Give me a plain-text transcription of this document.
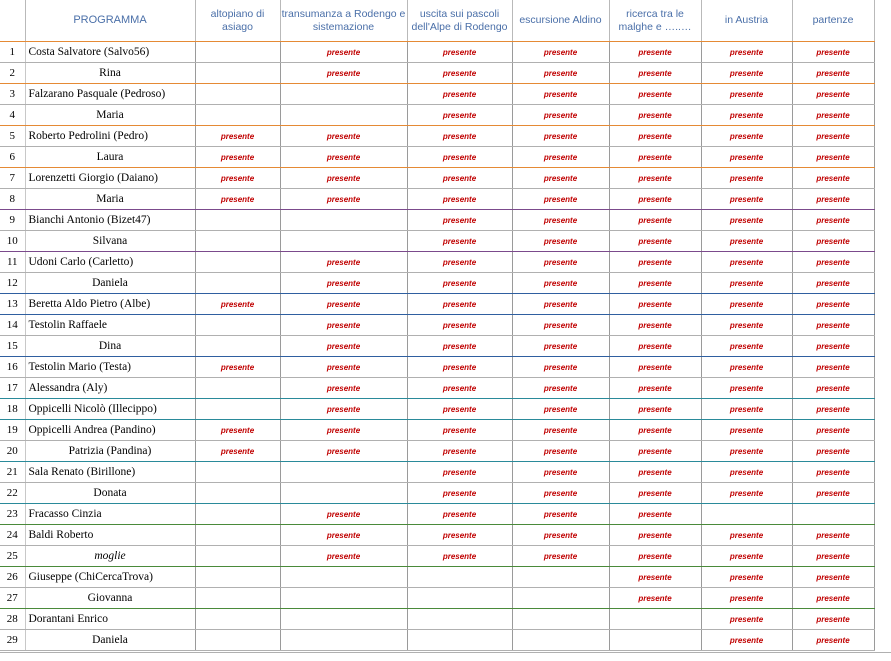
	PROGRAMMA	altopiano di asiago	transumanza a Rodengo e sistemazione	uscita sui pascoli dell'Alpe di Rodengo	escursione Aldino	ricerca tra le malghe e …..…	in Austria	partenze
1	Costa Salvatore (Salvo56)		presente	presente	presente	presente	presente	presente
2	Rina		presente	presente	presente	presente	presente	presente
3	Falzarano Pasquale (Pedroso)			presente	presente	presente	presente	presente
4	Maria			presente	presente	presente	presente	presente
5	Roberto Pedrolini (Pedro)	presente	presente	presente	presente	presente	presente	presente
6	Laura	presente	presente	presente	presente	presente	presente	presente
7	Lorenzetti Giorgio (Daiano)	presente	presente	presente	presente	presente	presente	presente
8	Maria	presente	presente	presente	presente	presente	presente	presente
9	Bianchi Antonio (Bizet47)			presente	presente	presente	presente	presente
10	Silvana			presente	presente	presente	presente	presente
11	Udoni Carlo (Carletto)		presente	presente	presente	presente	presente	presente
12	Daniela		presente	presente	presente	presente	presente	presente
13	Beretta Aldo Pietro (Albe)	presente	presente	presente	presente	presente	presente	presente
14	Testolin Raffaele		presente	presente	presente	presente	presente	presente
15	Dina		presente	presente	presente	presente	presente	presente
16	Testolin Mario (Testa)	presente	presente	presente	presente	presente	presente	presente
17	Alessandra (Aly)		presente	presente	presente	presente	presente	presente
18	Oppicelli Nicolò (Illecippo)		presente	presente	presente	presente	presente	presente
19	Oppicelli Andrea (Pandino)	presente	presente	presente	presente	presente	presente	presente
20	Patrizia (Pandina)	presente	presente	presente	presente	presente	presente	presente
21	Sala Renato (Birillone)			presente	presente	presente	presente	presente
22	Donata			presente	presente	presente	presente	presente
23	Fracasso Cinzia		presente	presente	presente	presente		
24	Baldi Roberto		presente	presente	presente	presente	presente	presente
25	moglie		presente	presente	presente	presente	presente	presente
26	Giuseppe (ChiCercaTrova)					presente	presente	presente
27	Giovanna					presente	presente	presente
28	Dorantani Enrico						presente	presente
29	Daniela						presente	presente
